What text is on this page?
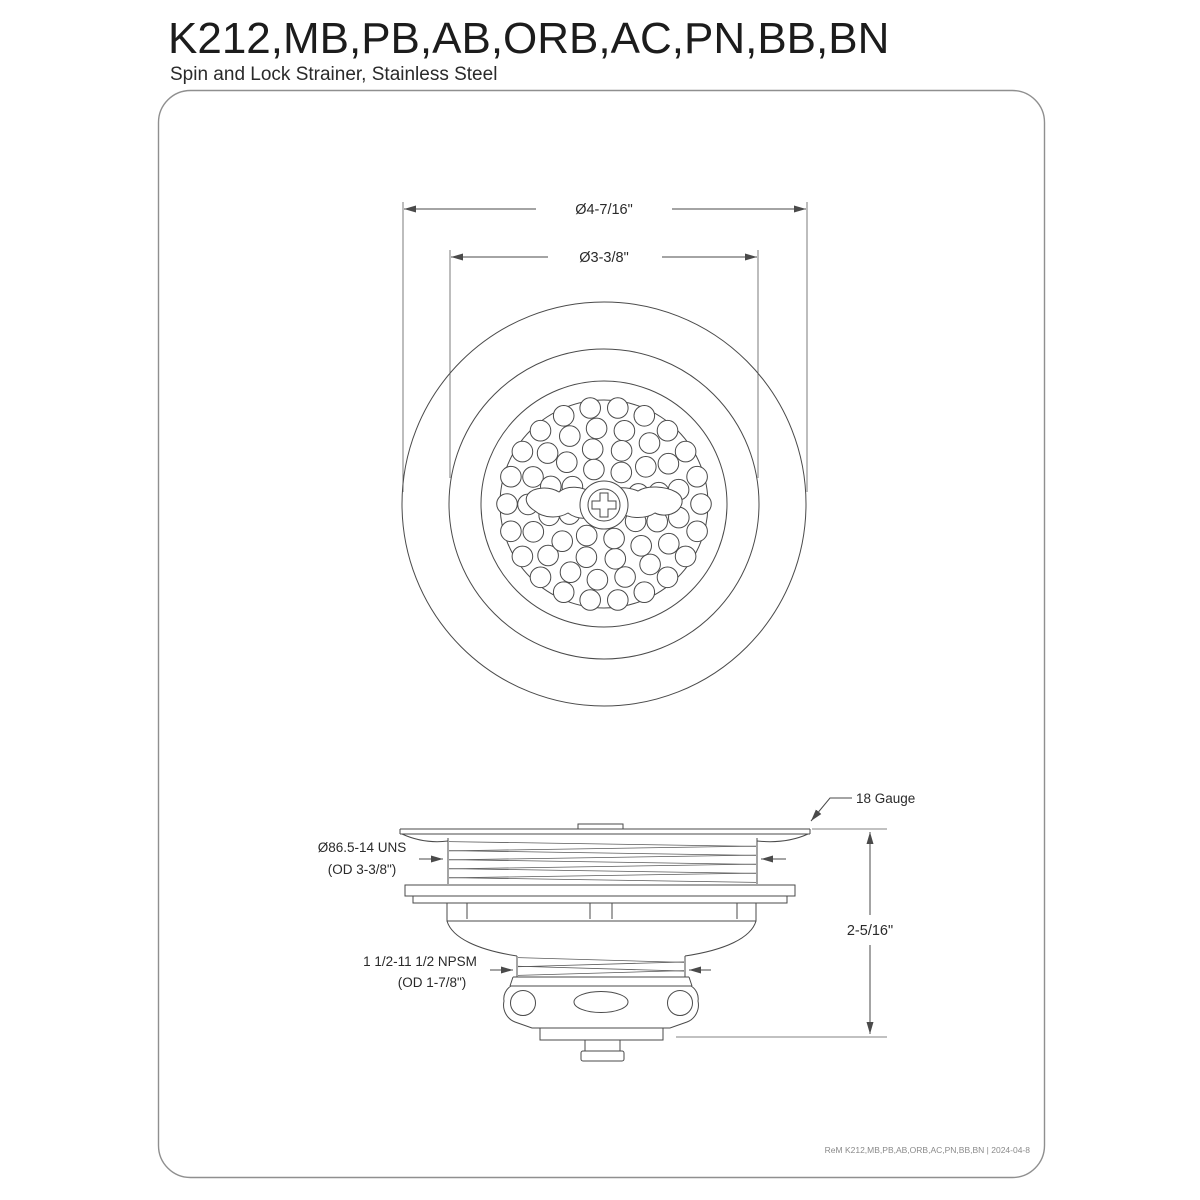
K212,MB,PB,AB,ORB,AC,PN,BB,BN
Spin and Lock Strainer, Stainless Steel
Ø4-7/16"
Ø3-3/8"
18 Gauge
Ø86.5-14 UNS
(OD 3-3/8")
1 1/2-11 1/2 NPSM
(OD 1-7/8")
2-5/16"
ReM K212,MB,PB,AB,ORB,AC,PN,BB,BN | 2024-04-8
